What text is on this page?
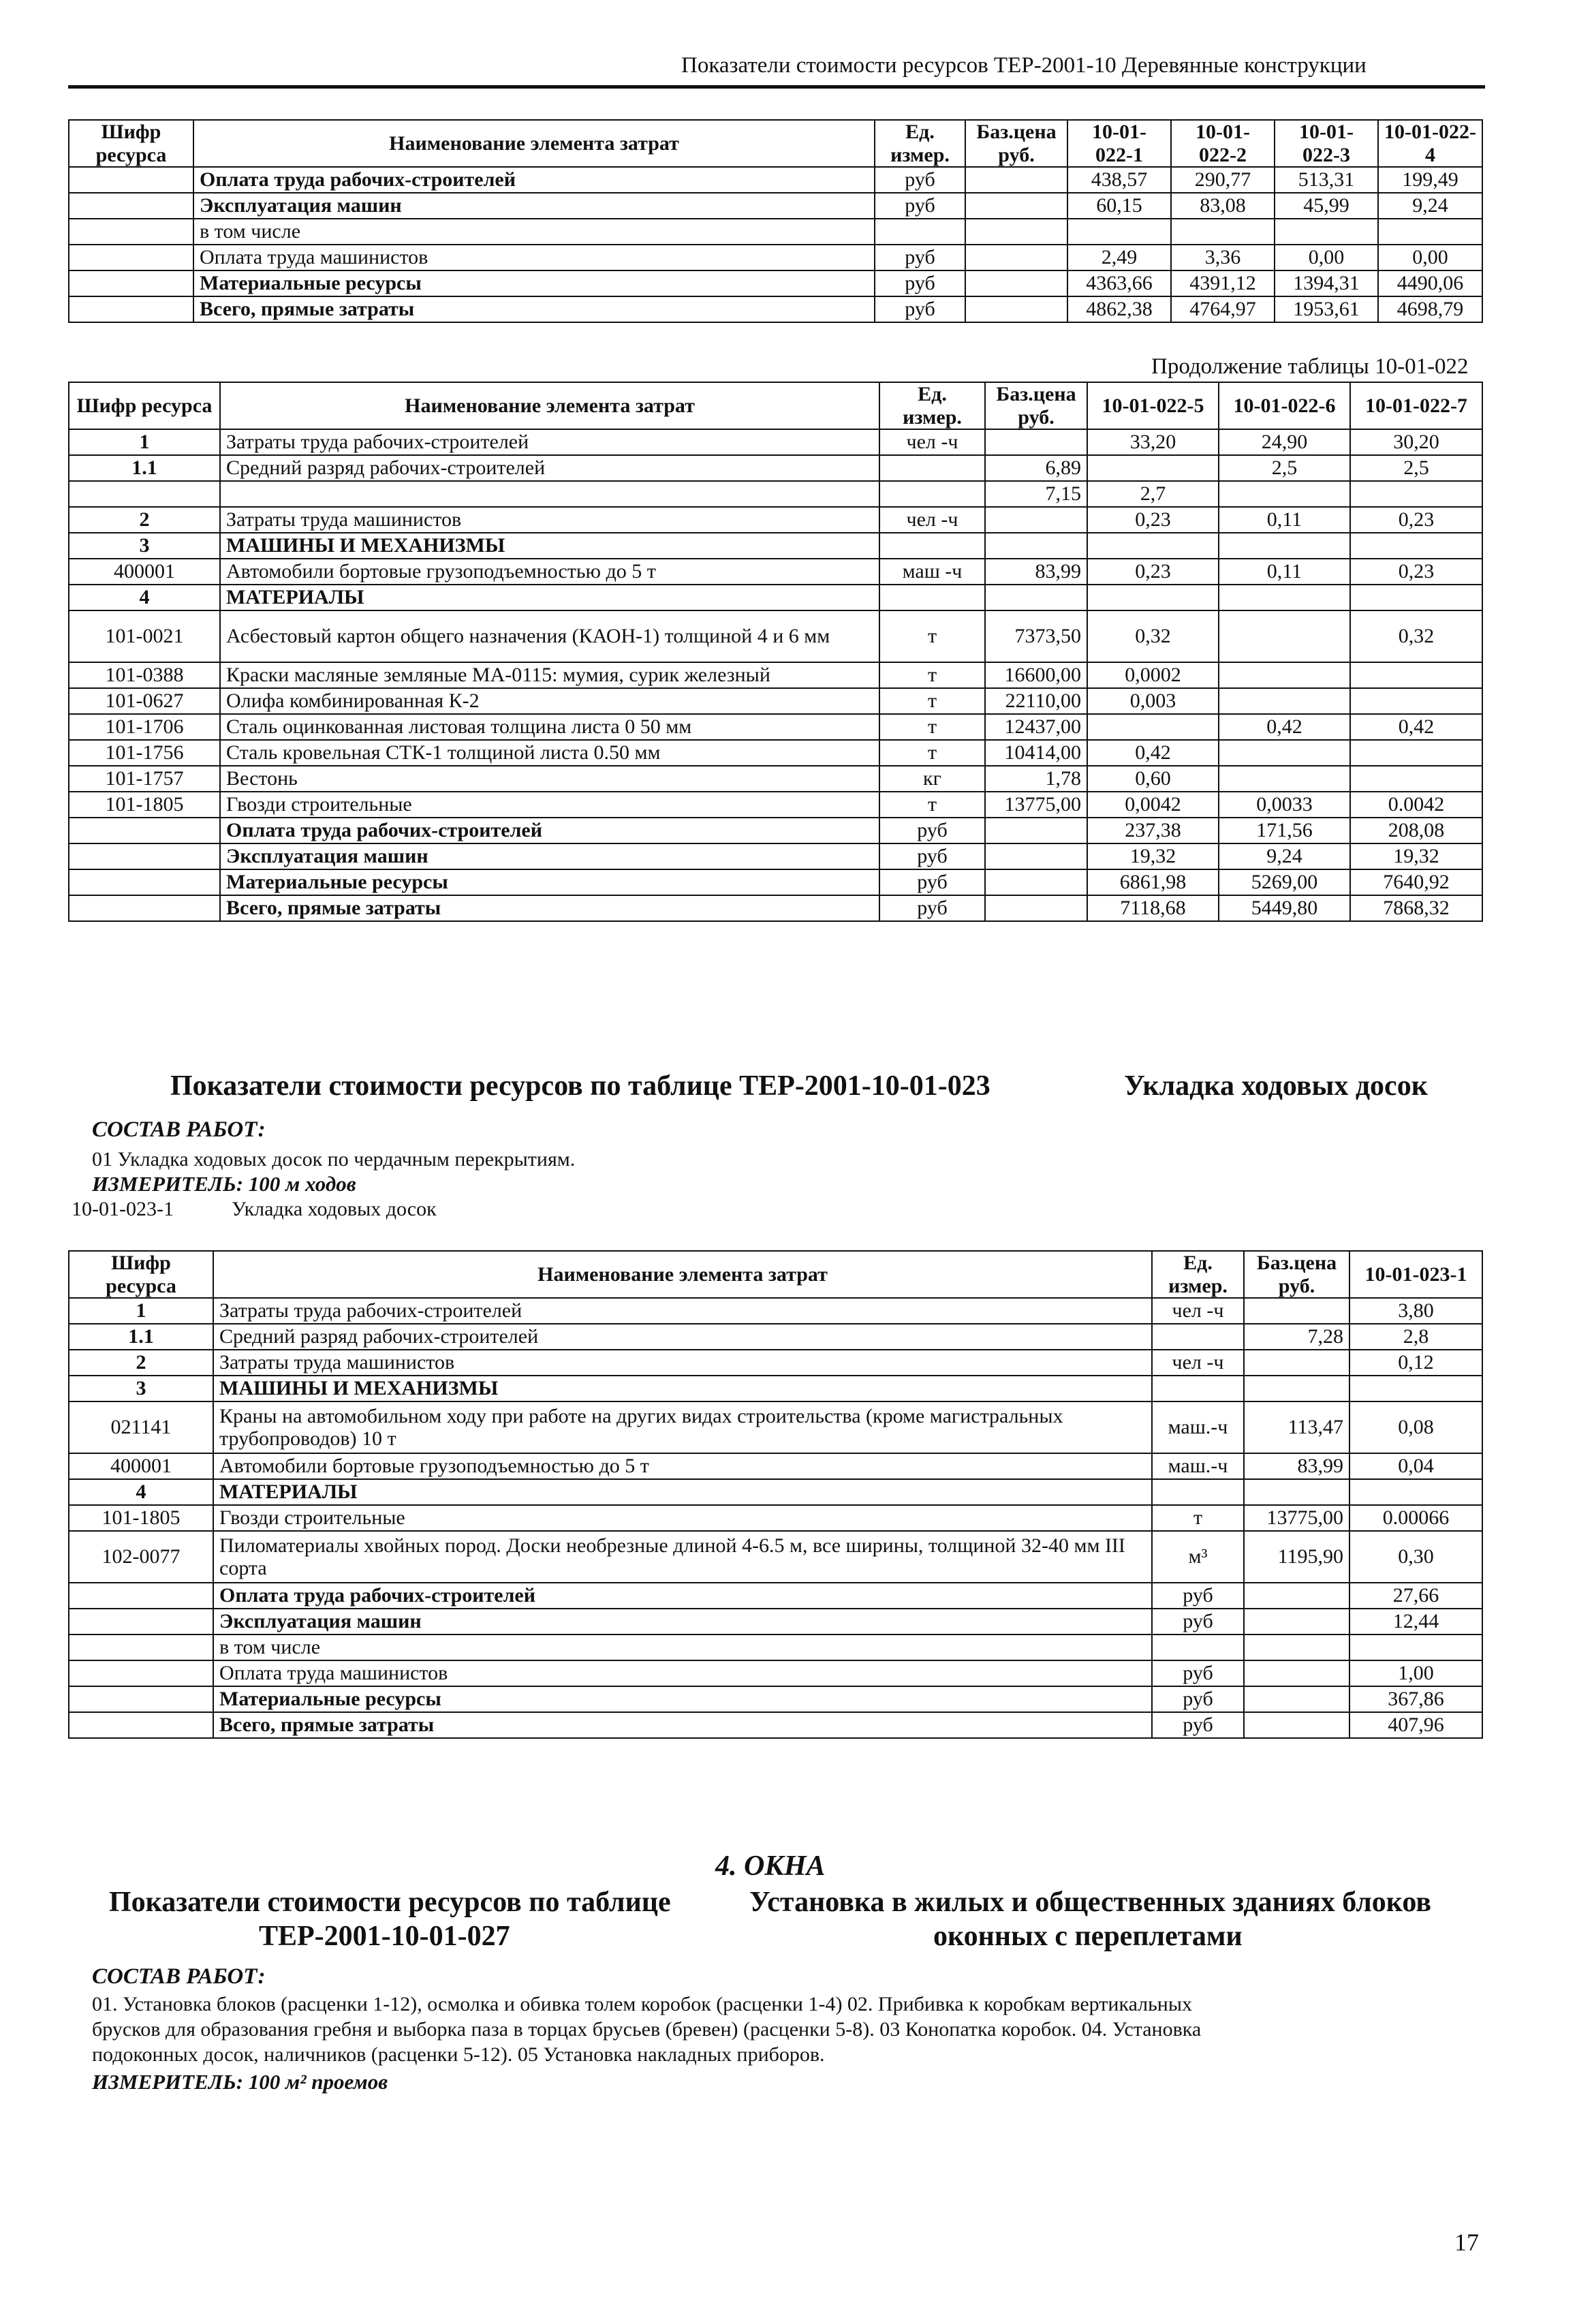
Показатели стоимости ресурсов ТЕР-2001-10 Деревянные конструкции
Шифр ресурса	Наименование элемента затрат	Ед. измер.	Баз.цена руб.	10-01-022-1	10-01-022-2	10-01-022-3	10-01-022-4
	Оплата труда рабочих-строителей	руб		438,57	290,77	513,31	199,49
	Эксплуатация машин	руб		60,15	83,08	45,99	9,24
	в том числе						
	Оплата труда машинистов	руб		2,49	3,36	0,00	0,00
	Материальные ресурсы	руб		4363,66	4391,12	1394,31	4490,06
	Всего, прямые затраты	руб		4862,38	4764,97	1953,61	4698,79
Продолжение таблицы 10-01-022
Шифр ресурса	Наименование элемента затрат	Ед. измер.	Баз.цена руб.	10-01-022-5	10-01-022-6	10-01-022-7
1	Затраты труда рабочих-строителей	чел -ч		33,20	24,90	30,20
1.1	Средний разряд рабочих-строителей		6,89		2,5	2,5
			7,15	2,7		
2	Затраты труда машинистов	чел -ч		0,23	0,11	0,23
3	МАШИНЫ И МЕХАНИЗМЫ					
400001	Автомобили бортовые грузоподъемностью до 5 т	маш -ч	83,99	0,23	0,11	0,23
4	МАТЕРИАЛЫ					
101-0021	Асбестовый картон общего назначения (КАОН-1) толщиной 4 и 6 мм	т	7373,50	0,32		0,32
101-0388	Краски масляные земляные МА-0115: мумия, сурик железный	т	16600,00	0,0002		
101-0627	Олифа комбинированная К-2	т	22110,00	0,003		
101-1706	Сталь оцинкованная листовая толщина листа 0 50 мм	т	12437,00		0,42	0,42
101-1756	Сталь кровельная СТК-1 толщиной листа 0.50 мм	т	10414,00	0,42		
101-1757	Вестонь	кг	1,78	0,60		
101-1805	Гвозди строительные	т	13775,00	0,0042	0,0033	0.0042
	Оплата труда рабочих-строителей	руб		237,38	171,56	208,08
	Эксплуатация машин	руб		19,32	9,24	19,32
	Материальные ресурсы	руб		6861,98	5269,00	7640,92
	Всего, прямые затраты	руб		7118,68	5449,80	7868,32
Показатели стоимости ресурсов по таблице ТЕР-2001-10-01-023	Укладка ходовых досок
СОСТАВ РАБОТ:
01 Укладка ходовых досок по чердачным перекрытиям.
ИЗМЕРИТЕЛЬ: 100 м ходов
10-01-023-1	Укладка ходовых досок
Шифр ресурса	Наименование элемента затрат	Ед. измер.	Баз.цена руб.	10-01-023-1
1	Затраты труда рабочих-строителей	чел -ч		3,80
1.1	Средний разряд рабочих-строителей		7,28	2,8
2	Затраты труда машинистов	чел -ч		0,12
3	МАШИНЫ И МЕХАНИЗМЫ			
021141	Краны на автомобильном ходу при работе на других видах строительства (кроме магистральных трубопроводов) 10 т	маш.-ч	113,47	0,08
400001	Автомобили бортовые грузоподъемностью до 5 т	маш.-ч	83,99	0,04
4	МАТЕРИАЛЫ			
101-1805	Гвозди строительные	т	13775,00	0.00066
102-0077	Пиломатериалы хвойных пород. Доски необрезные длиной 4-6.5 м, все ширины, толщиной 32-40 мм III сорта	м³	1195,90	0,30
	Оплата труда рабочих-строителей	руб		27,66
	Эксплуатация машин	руб		12,44
	в том числе			
	Оплата труда машинистов	руб		1,00
	Материальные ресурсы	руб		367,86
	Всего, прямые затраты	руб		407,96
4. ОКНА
Показатели стоимости ресурсов по таблице
ТЕР-2001-10-01-027
Установка в жилых и общественных зданиях блоков
оконных с переплетами
СОСТАВ РАБОТ:
01. Установка блоков (расценки 1-12), осмолка и обивка толем коробок (расценки 1-4) 02. Прибивка к коробкам вертикальных
брусков для образования гребня и выборка паза в торцах брусьев (бревен) (расценки 5-8). 03 Конопатка коробок. 04. Установка
подоконных досок, наличников (расценки 5-12). 05 Установка накладных приборов.
ИЗМЕРИТЕЛЬ: 100 м² проемов
17
